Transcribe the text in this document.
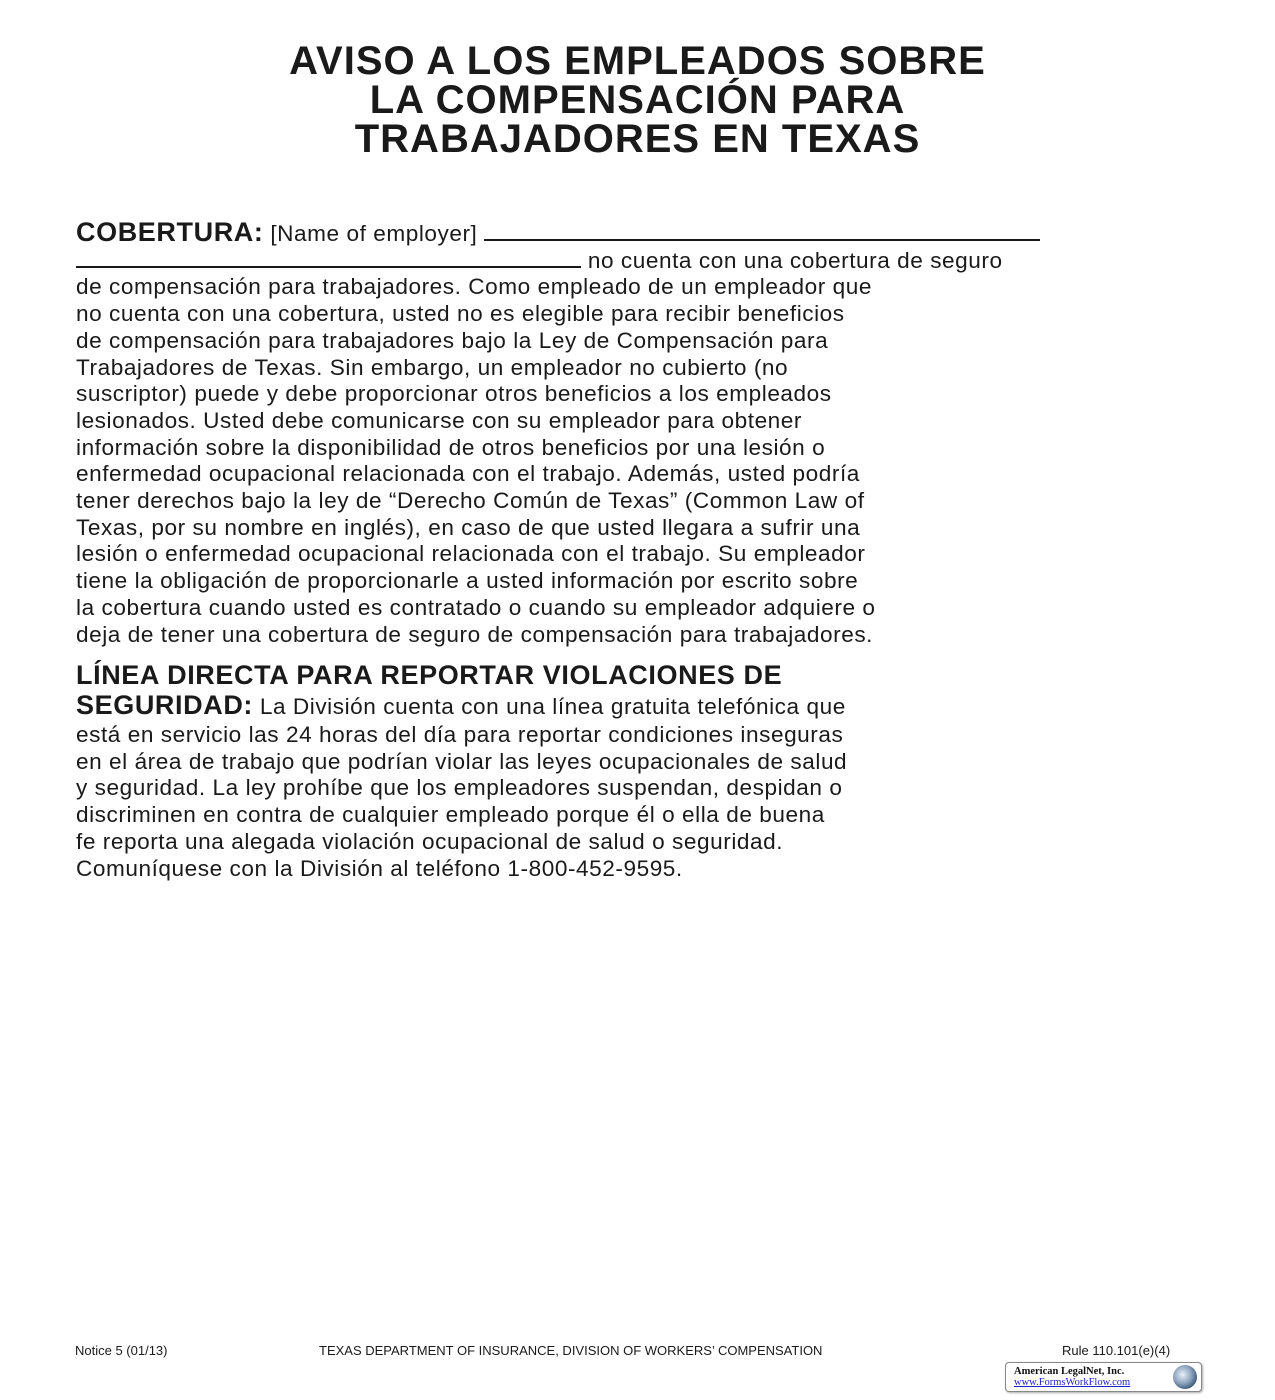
AVISO A LOS EMPLEADOS SOBRE
LA COMPENSACIÓN PARA
TRABAJADORES EN TEXAS
COBERTURA: [Name of employer]
no cuenta con una cobertura de seguro
de compensación para trabajadores. Como empleado de un empleador que
no cuenta con una cobertura, usted no es elegible para recibir beneficios
de compensación para trabajadores bajo la Ley de Compensación para
Trabajadores de Texas. Sin embargo, un empleador no cubierto (no
suscriptor) puede y debe proporcionar otros beneficios a los empleados
lesionados. Usted debe comunicarse con su empleador para obtener
información sobre la disponibilidad de otros beneficios por una lesión o
enfermedad ocupacional relacionada con el trabajo. Además, usted podría
tener derechos bajo la ley de “Derecho Común de Texas” (Common Law of
Texas, por su nombre en inglés), en caso de que usted llegara a sufrir una
lesión o enfermedad ocupacional relacionada con el trabajo. Su empleador
tiene la obligación de proporcionarle a usted información por escrito sobre
la cobertura cuando usted es contratado o cuando su empleador adquiere o
deja de tener una cobertura de seguro de compensación para trabajadores.
LÍNEA DIRECTA PARA REPORTAR VIOLACIONES DE
SEGURIDAD: La División cuenta con una línea gratuita telefónica que
está en servicio las 24 horas del día para reportar condiciones inseguras
en el área de trabajo que podrían violar las leyes ocupacionales de salud
y seguridad. La ley prohíbe que los empleadores suspendan, despidan o
discriminen en contra de cualquier empleado porque él o ella de buena
fe reporta una alegada violación ocupacional de salud o seguridad.
Comuníquese con la División al teléfono 1-800-452-9595.
Notice 5 (01/13)	TEXAS DEPARTMENT OF INSURANCE, DIVISION OF WORKERS’ COMPENSATION	Rule 110.101(e)(4)
American LegalNet, Inc.
www.FormsWorkFlow.com
